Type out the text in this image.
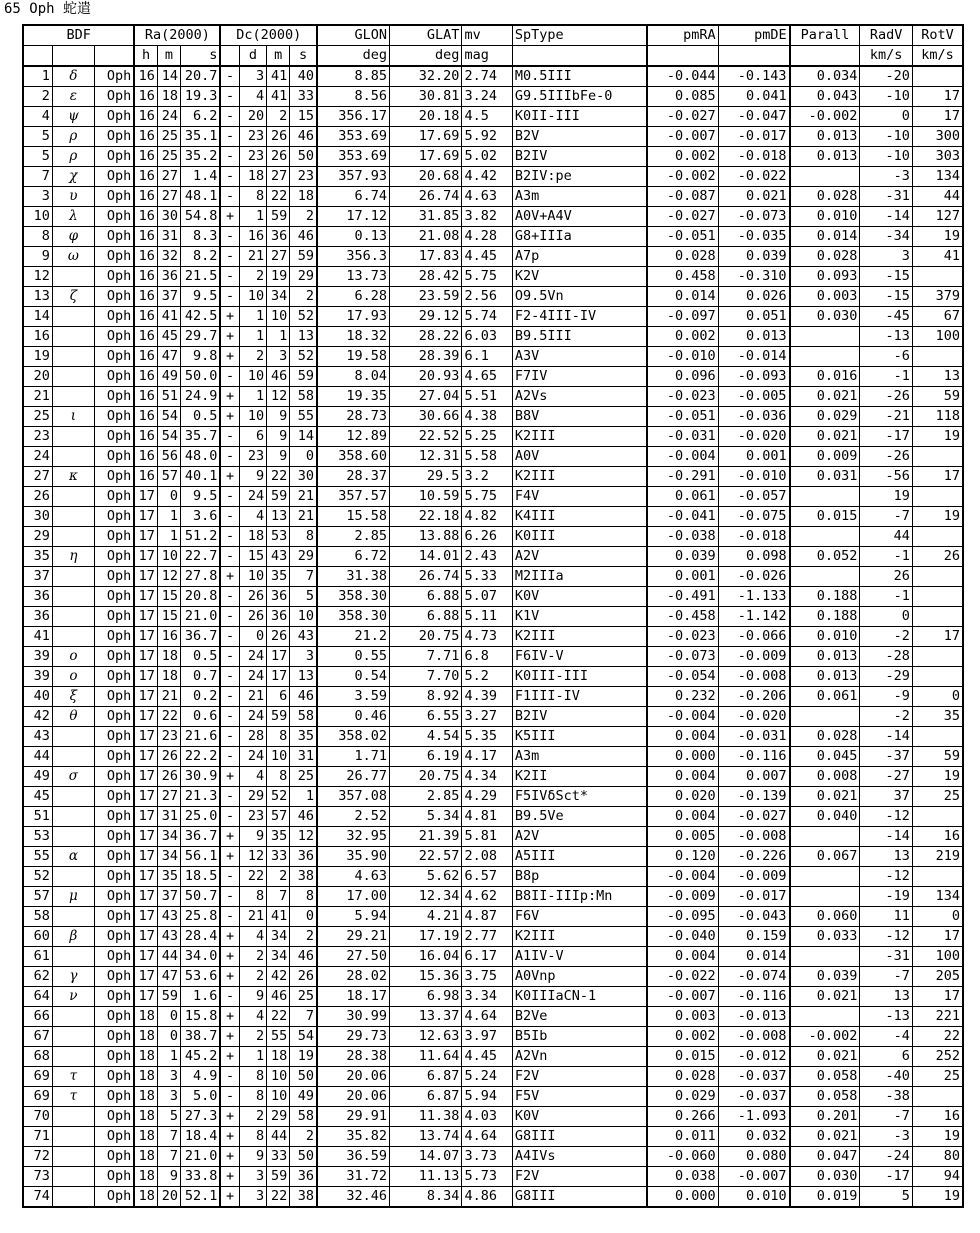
65 Oph 蛇遣
BDF			Ra(2000)			Dc(2000)				GLON	GLAT	mv	SpType	pmRA	pmDE	Parall	RadV	RotV
			h	m	s		d	m	s	deg	deg	mag					km/s	km/s
1	δ	Oph	16	14	20.7	-	3	41	40	8.85	32.20	2.74	M0.5III	-0.044	-0.143	0.034	-20	
2	ε	Oph	16	18	19.3	-	4	41	33	8.56	30.81	3.24	G9.5IIIbFe-0	0.085	0.041	0.043	-10	17
4	ψ	Oph	16	24	6.2	-	20	2	15	356.17	20.18	4.5	K0II-III	-0.027	-0.047	-0.002	0	17
5	ρ	Oph	16	25	35.1	-	23	26	46	353.69	17.69	5.92	B2V	-0.007	-0.017	0.013	-10	300
5	ρ	Oph	16	25	35.2	-	23	26	50	353.69	17.69	5.02	B2IV	0.002	-0.018	0.013	-10	303
7	χ	Oph	16	27	1.4	-	18	27	23	357.93	20.68	4.42	B2IV:pe	-0.002	-0.022		-3	134
3	υ	Oph	16	27	48.1	-	8	22	18	6.74	26.74	4.63	A3m	-0.087	0.021	0.028	-31	44
10	λ	Oph	16	30	54.8	+	1	59	2	17.12	31.85	3.82	A0V+A4V	-0.027	-0.073	0.010	-14	127
8	φ	Oph	16	31	8.3	-	16	36	46	0.13	21.08	4.28	G8+IIIa	-0.051	-0.035	0.014	-34	19
9	ω	Oph	16	32	8.2	-	21	27	59	356.3	17.83	4.45	A7p	0.028	0.039	0.028	3	41
12		Oph	16	36	21.5	-	2	19	29	13.73	28.42	5.75	K2V	0.458	-0.310	0.093	-15	
13	ζ	Oph	16	37	9.5	-	10	34	2	6.28	23.59	2.56	O9.5Vn	0.014	0.026	0.003	-15	379
14		Oph	16	41	42.5	+	1	10	52	17.93	29.12	5.74	F2-4III-IV	-0.097	0.051	0.030	-45	67
16		Oph	16	45	29.7	+	1	1	13	18.32	28.22	6.03	B9.5III	0.002	0.013		-13	100
19		Oph	16	47	9.8	+	2	3	52	19.58	28.39	6.1	A3V	-0.010	-0.014		-6	
20		Oph	16	49	50.0	-	10	46	59	8.04	20.93	4.65	F7IV	0.096	-0.093	0.016	-1	13
21		Oph	16	51	24.9	+	1	12	58	19.35	27.04	5.51	A2Vs	-0.023	-0.005	0.021	-26	59
25	ι	Oph	16	54	0.5	+	10	9	55	28.73	30.66	4.38	B8V	-0.051	-0.036	0.029	-21	118
23		Oph	16	54	35.7	-	6	9	14	12.89	22.52	5.25	K2III	-0.031	-0.020	0.021	-17	19
24		Oph	16	56	48.0	-	23	9	0	358.60	12.31	5.58	A0V	-0.004	0.001	0.009	-26	
27	κ	Oph	16	57	40.1	+	9	22	30	28.37	29.5	3.2	K2III	-0.291	-0.010	0.031	-56	17
26		Oph	17	0	9.5	-	24	59	21	357.57	10.59	5.75	F4V	0.061	-0.057		19	
30		Oph	17	1	3.6	-	4	13	21	15.58	22.18	4.82	K4III	-0.041	-0.075	0.015	-7	19
29		Oph	17	1	51.2	-	18	53	8	2.85	13.88	6.26	K0III	-0.038	-0.018		44	
35	η	Oph	17	10	22.7	-	15	43	29	6.72	14.01	2.43	A2V	0.039	0.098	0.052	-1	26
37		Oph	17	12	27.8	+	10	35	7	31.38	26.74	5.33	M2IIIa	0.001	-0.026		26	
36		Oph	17	15	20.8	-	26	36	5	358.30	6.88	5.07	K0V	-0.491	-1.133	0.188	-1	
36		Oph	17	15	21.0	-	26	36	10	358.30	6.88	5.11	K1V	-0.458	-1.142	0.188	0	
41		Oph	17	16	36.7	-	0	26	43	21.2	20.75	4.73	K2III	-0.023	-0.066	0.010	-2	17
39	ο	Oph	17	18	0.5	-	24	17	3	0.55	7.71	6.8	F6IV-V	-0.073	-0.009	0.013	-28	
39	ο	Oph	17	18	0.7	-	24	17	13	0.54	7.70	5.2	K0III-III	-0.054	-0.008	0.013	-29	
40	ξ	Oph	17	21	0.2	-	21	6	46	3.59	8.92	4.39	F1III-IV	0.232	-0.206	0.061	-9	0
42	θ	Oph	17	22	0.6	-	24	59	58	0.46	6.55	3.27	B2IV	-0.004	-0.020		-2	35
43		Oph	17	23	21.6	-	28	8	35	358.02	4.54	5.35	K5III	0.004	-0.031	0.028	-14	
44		Oph	17	26	22.2	-	24	10	31	1.71	6.19	4.17	A3m	0.000	-0.116	0.045	-37	59
49	σ	Oph	17	26	30.9	+	4	8	25	26.77	20.75	4.34	K2II	0.004	0.007	0.008	-27	19
45		Oph	17	27	21.3	-	29	52	1	357.08	2.85	4.29	F5IVδSct*	0.020	-0.139	0.021	37	25
51		Oph	17	31	25.0	-	23	57	46	2.52	5.34	4.81	B9.5Ve	0.004	-0.027	0.040	-12	
53		Oph	17	34	36.7	+	9	35	12	32.95	21.39	5.81	A2V	0.005	-0.008		-14	16
55	α	Oph	17	34	56.1	+	12	33	36	35.90	22.57	2.08	A5III	0.120	-0.226	0.067	13	219
52		Oph	17	35	18.5	-	22	2	38	4.63	5.62	6.57	B8p	-0.004	-0.009		-12	
57	μ	Oph	17	37	50.7	-	8	7	8	17.00	12.34	4.62	B8II-IIIp:Mn	-0.009	-0.017		-19	134
58		Oph	17	43	25.8	-	21	41	0	5.94	4.21	4.87	F6V	-0.095	-0.043	0.060	11	0
60	β	Oph	17	43	28.4	+	4	34	2	29.21	17.19	2.77	K2III	-0.040	0.159	0.033	-12	17
61		Oph	17	44	34.0	+	2	34	46	27.50	16.04	6.17	A1IV-V	0.004	0.014		-31	100
62	γ	Oph	17	47	53.6	+	2	42	26	28.02	15.36	3.75	A0Vnp	-0.022	-0.074	0.039	-7	205
64	ν	Oph	17	59	1.6	-	9	46	25	18.17	6.98	3.34	K0IIIaCN-1	-0.007	-0.116	0.021	13	17
66		Oph	18	0	15.8	+	4	22	7	30.99	13.37	4.64	B2Ve	0.003	-0.013		-13	221
67		Oph	18	0	38.7	+	2	55	54	29.73	12.63	3.97	B5Ib	0.002	-0.008	-0.002	-4	22
68		Oph	18	1	45.2	+	1	18	19	28.38	11.64	4.45	A2Vn	0.015	-0.012	0.021	6	252
69	τ	Oph	18	3	4.9	-	8	10	50	20.06	6.87	5.24	F2V	0.028	-0.037	0.058	-40	25
69	τ	Oph	18	3	5.0	-	8	10	49	20.06	6.87	5.94	F5V	0.029	-0.037	0.058	-38	
70		Oph	18	5	27.3	+	2	29	58	29.91	11.38	4.03	K0V	0.266	-1.093	0.201	-7	16
71		Oph	18	7	18.4	+	8	44	2	35.82	13.74	4.64	G8III	0.011	0.032	0.021	-3	19
72		Oph	18	7	21.0	+	9	33	50	36.59	14.07	3.73	A4IVs	-0.060	0.080	0.047	-24	80
73		Oph	18	9	33.8	+	3	59	36	31.72	11.13	5.73	F2V	0.038	-0.007	0.030	-17	94
74		Oph	18	20	52.1	+	3	22	38	32.46	8.34	4.86	G8III	0.000	0.010	0.019	5	19
